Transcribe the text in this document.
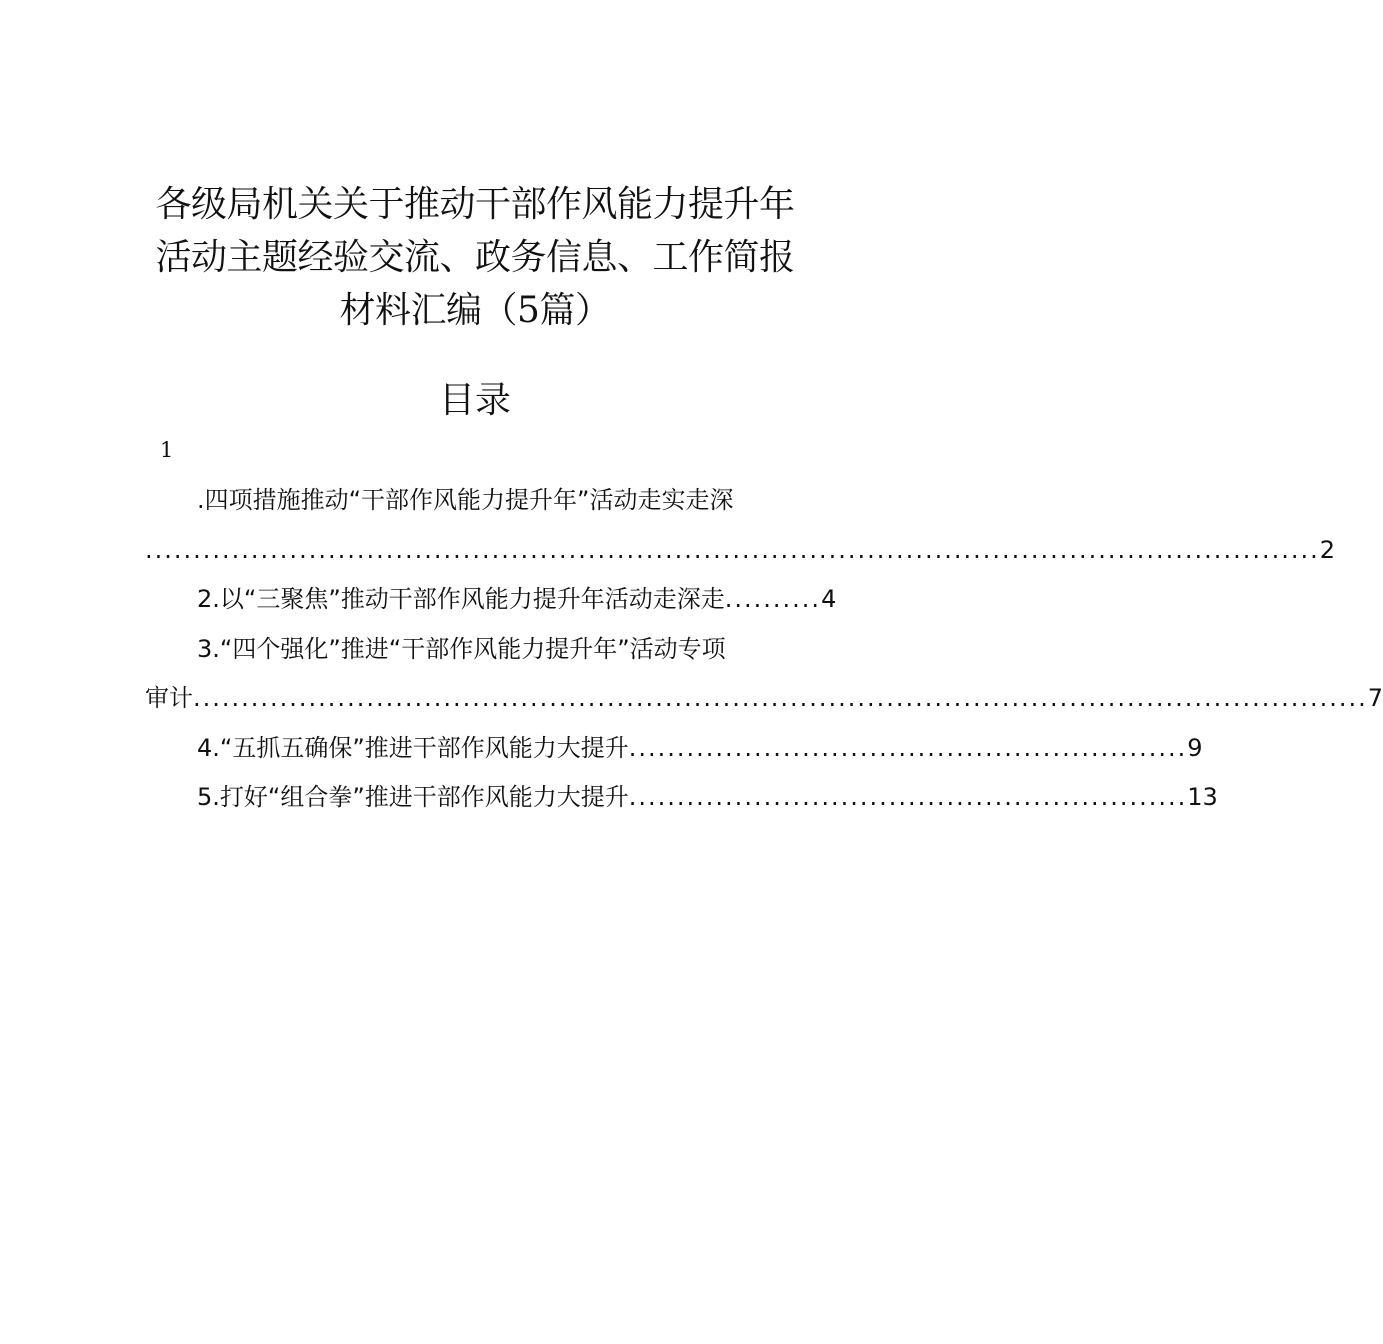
各级局机关关于推动干部作风能力提升年
活动主题经验交流、政务信息、工作简报
材料汇编（5篇）
目录
1
.四项措施推动“干部作风能力提升年”活动走实走深
.......................................................................................................................... 2
2.以“三聚焦”推动干部作风能力提升年活动走深走 .......... 4
3.“四个强化”推进“干部作风能力提升年”活动专项
审计 .......................................................................................................................... 7
4.“五抓五确保”推进干部作风能力大提升 .......................................................... 9
5.打好“组合拳”推进干部作风能力大提升 .......................................................... 13
